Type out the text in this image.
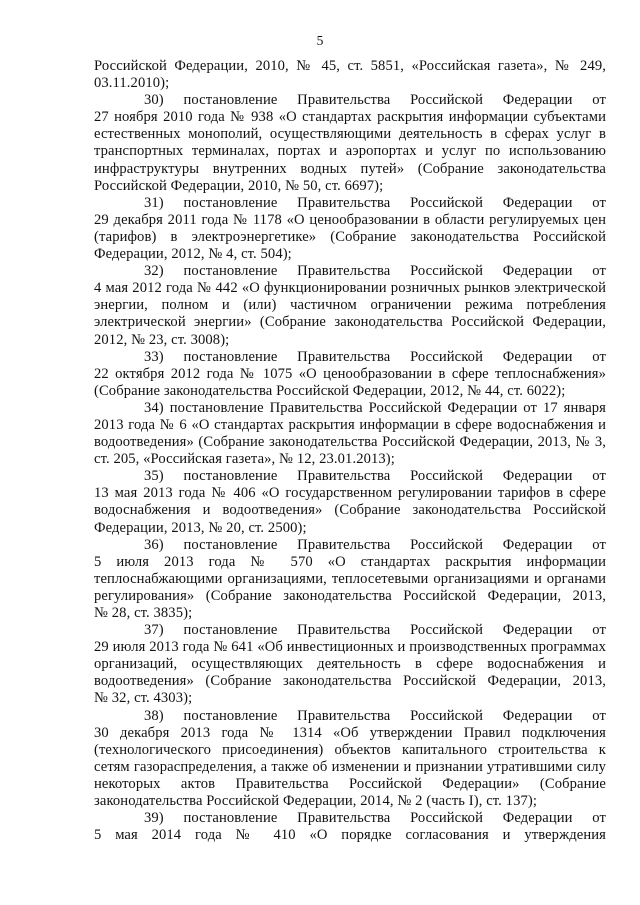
5
Российской Федерации, 2010, № 45, ст. 5851, «Российская газета», № 249,
03.11.2010);
30) постановление Правительства Российской Федерации от
27 ноября 2010 года № 938 «О стандартах раскрытия информации субъектами
естественных монополий, осуществляющими деятельность в сферах услуг в
транспортных терминалах, портах и аэропортах и услуг по использованию
инфраструктуры внутренних водных путей» (Собрание законодательства
Российской Федерации, 2010, № 50, ст. 6697);
31) постановление Правительства Российской Федерации от
29 декабря 2011 года № 1178 «О ценообразовании в области регулируемых цен
(тарифов) в электроэнергетике» (Собрание законодательства Российской
Федерации, 2012, № 4, ст. 504);
32) постановление Правительства Российской Федерации от
4 мая 2012 года № 442 «О функционировании розничных рынков электрической
энергии, полном и (или) частичном ограничении режима потребления
электрической энергии» (Собрание законодательства Российской Федерации,
2012, № 23, ст. 3008);
33) постановление Правительства Российской Федерации от
22 октября 2012 года № 1075 «О ценообразовании в сфере теплоснабжения»
(Собрание законодательства Российской Федерации, 2012, № 44, ст. 6022);
34) постановление Правительства Российской Федерации от 17 января
2013 года № 6 «О стандартах раскрытия информации в сфере водоснабжения и
водоотведения» (Собрание законодательства Российской Федерации, 2013, № 3,
ст. 205, «Российская газета», № 12, 23.01.2013);
35) постановление Правительства Российской Федерации от
13 мая 2013 года № 406 «О государственном регулировании тарифов в сфере
водоснабжения и водоотведения» (Собрание законодательства Российской
Федерации, 2013, № 20, ст. 2500);
36) постановление Правительства Российской Федерации от
5 июля 2013 года № 570 «О стандартах раскрытия информации
теплоснабжающими организациями, теплосетевыми организациями и органами
регулирования» (Собрание законодательства Российской Федерации, 2013,
№ 28, ст. 3835);
37) постановление Правительства Российской Федерации от
29 июля 2013 года № 641 «Об инвестиционных и производственных программах
организаций, осуществляющих деятельность в сфере водоснабжения и
водоотведения» (Собрание законодательства Российской Федерации, 2013,
№ 32, ст. 4303);
38) постановление Правительства Российской Федерации от
30 декабря 2013 года № 1314 «Об утверждении Правил подключения
(технологического присоединения) объектов капитального строительства к
сетям газораспределения, а также об изменении и признании утратившими силу
некоторых актов Правительства Российской Федерации» (Собрание
законодательства Российской Федерации, 2014, № 2 (часть I), ст. 137);
39) постановление Правительства Российской Федерации от
5 мая 2014 года № 410 «О порядке согласования и утверждения
